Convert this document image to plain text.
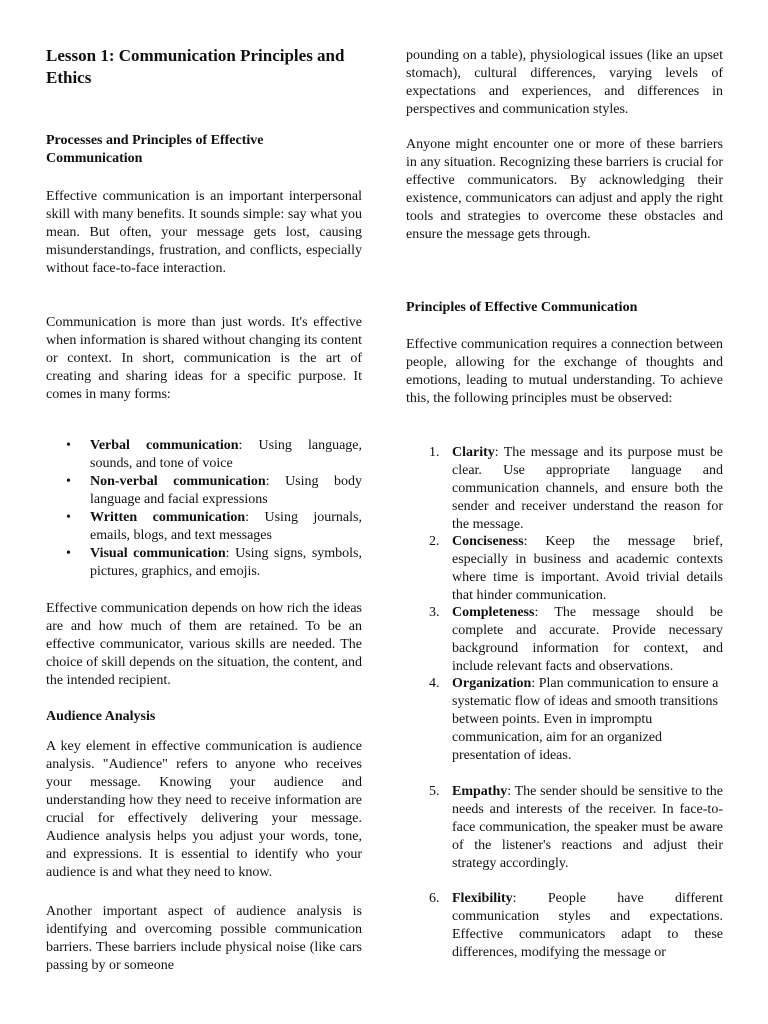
Lesson 1: Communication Principles and Ethics
Processes and Principles of Effective Communication

Effective communication is an important interpersonal skill with many benefits. It sounds simple: say what you mean. But often, your message gets lost, causing misunderstandings, frustration, and conflicts, especially without face-to-face interaction.

Communication is more than just words. It's effective when information is shared without changing its content or context. In short, communication is the art of creating and sharing ideas for a specific purpose. It comes in many forms:

• Verbal communication: Using language, sounds, and tone of voice
• Non-verbal communication: Using body language and facial expressions
• Written communication: Using journals, emails, blogs, and text messages
• Visual communication: Using signs, symbols, pictures, graphics, and emojis.

Effective communication depends on how rich the ideas are and how much of them are retained. To be an effective communicator, various skills are needed. The choice of skill depends on the situation, the content, and the intended recipient.

Audience Analysis

A key element in effective communication is audience analysis. "Audience" refers to anyone who receives your message. Knowing your audience and understanding how they need to receive information are crucial for effectively delivering your message. Audience analysis helps you adjust your words, tone, and expressions. It is essential to identify who your audience is and what they need to know.

Another important aspect of audience analysis is identifying and overcoming possible communication barriers. These barriers include physical noise (like cars passing by or someone

pounding on a table), physiological issues (like an upset stomach), cultural differences, varying levels of expectations and experiences, and differences in perspectives and communication styles.

Anyone might encounter one or more of these barriers in any situation. Recognizing these barriers is crucial for effective communicators. By acknowledging their existence, communicators can adjust and apply the right tools and strategies to overcome these obstacles and ensure the message gets through.

Principles of Effective Communication

Effective communication requires a connection between people, allowing for the exchange of thoughts and emotions, leading to mutual understanding. To achieve this, the following principles must be observed:

1. Clarity: The message and its purpose must be clear. Use appropriate language and communication channels, and ensure both the sender and receiver understand the reason for the message.
2. Conciseness: Keep the message brief, especially in business and academic contexts where time is important. Avoid trivial details that hinder communication.
3. Completeness: The message should be complete and accurate. Provide necessary background information for context, and include relevant facts and observations.
4. Organization: Plan communication to ensure a systematic flow of ideas and smooth transitions between points. Even in impromptu communication, aim for an organized presentation of ideas.
5. Empathy: The sender should be sensitive to the needs and interests of the receiver. In face-to-face communication, the speaker must be aware of the listener's reactions and adjust their strategy accordingly.
6. Flexibility: People have different communication styles and expectations. Effective communicators adapt to these differences, modifying the message or
